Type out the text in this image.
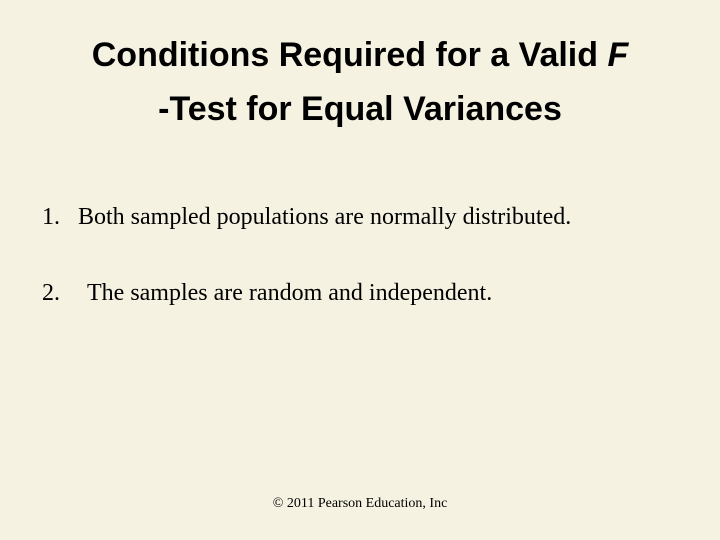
Conditions Required for a Valid F
-Test for Equal Variances
1. Both sampled populations are normally distributed.
2. The samples are random and independent.
© 2011 Pearson Education, Inc
